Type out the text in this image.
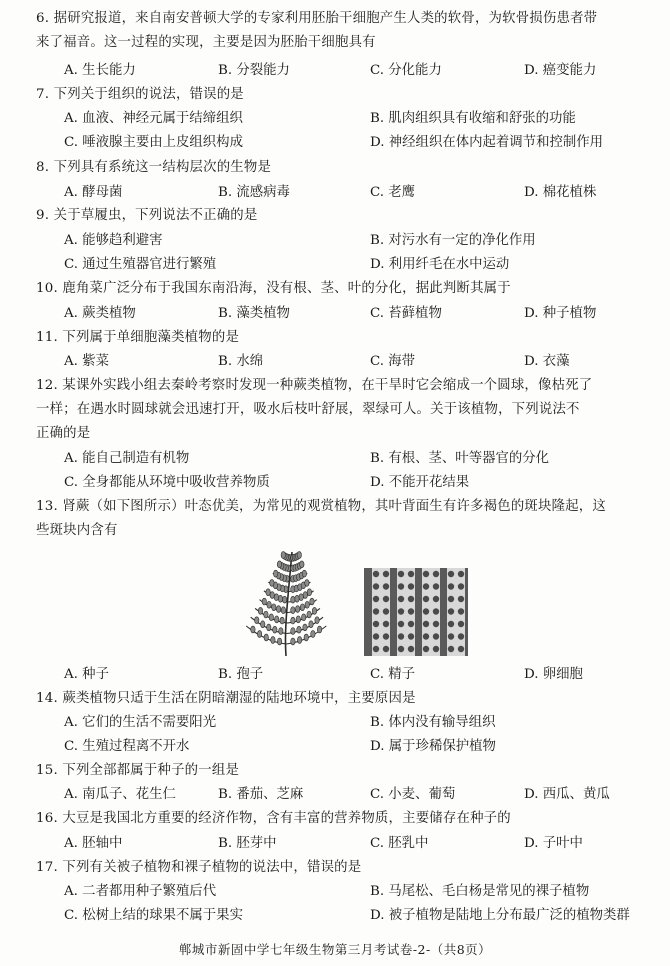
6. 据研究报道，来自南安普顿大学的专家利用胚胎干细胞产生人类的软骨，为软骨损伤患者带
来了福音。这一过程的实现，主要是因为胚胎干细胞具有
A. 生长能力	B. 分裂能力	C. 分化能力	D. 癌变能力
7. 下列关于组织的说法，错误的是
A. 血液、神经元属于结缔组织	B. 肌肉组织具有收缩和舒张的功能
C. 唾液腺主要由上皮组织构成	D. 神经组织在体内起着调节和控制作用
8. 下列具有系统这一结构层次的生物是
A. 酵母菌	B. 流感病毒	C. 老鹰	D. 棉花植株
9. 关于草履虫，下列说法不正确的是
A. 能够趋利避害	B. 对污水有一定的净化作用
C. 通过生殖器官进行繁殖	D. 利用纤毛在水中运动
10. 鹿角菜广泛分布于我国东南沿海，没有根、茎、叶的分化，据此判断其属于
A. 蕨类植物	B. 藻类植物	C. 苔藓植物	D. 种子植物
11. 下列属于单细胞藻类植物的是
A. 紫菜	B. 水绵	C. 海带	D. 衣藻
12. 某课外实践小组去秦岭考察时发现一种蕨类植物，在干旱时它会缩成一个圆球，像枯死了
一样；在遇水时圆球就会迅速打开，吸水后枝叶舒展，翠绿可人。关于该植物，下列说法不
正确的是
A. 能自己制造有机物	B. 有根、茎、叶等器官的分化
C. 全身都能从环境中吸收营养物质	D. 不能开花结果
13. 肾蕨（如下图所示）叶态优美，为常见的观赏植物，其叶背面生有许多褐色的斑块隆起，这
些斑块内含有
A. 种子	B. 孢子	C. 精子	D. 卵细胞
14. 蕨类植物只适于生活在阴暗潮湿的陆地环境中，主要原因是
A. 它们的生活不需要阳光	B. 体内没有输导组织
C. 生殖过程离不开水	D. 属于珍稀保护植物
15. 下列全部都属于种子的一组是
A. 南瓜子、花生仁	B. 番茄、芝麻	C. 小麦、葡萄	D. 西瓜、黄瓜
16. 大豆是我国北方重要的经济作物，含有丰富的营养物质，主要储存在种子的
A. 胚轴中	B. 胚芽中	C. 胚乳中	D. 子叶中
17. 下列有关被子植物和裸子植物的说法中，错误的是
A. 二者都用种子繁殖后代	B. 马尾松、毛白杨是常见的裸子植物
C. 松树上结的球果不属于果实	D. 被子植物是陆地上分布最广泛的植物类群
郸城市新固中学七年级生物第三月考试卷-2-（共8页）
